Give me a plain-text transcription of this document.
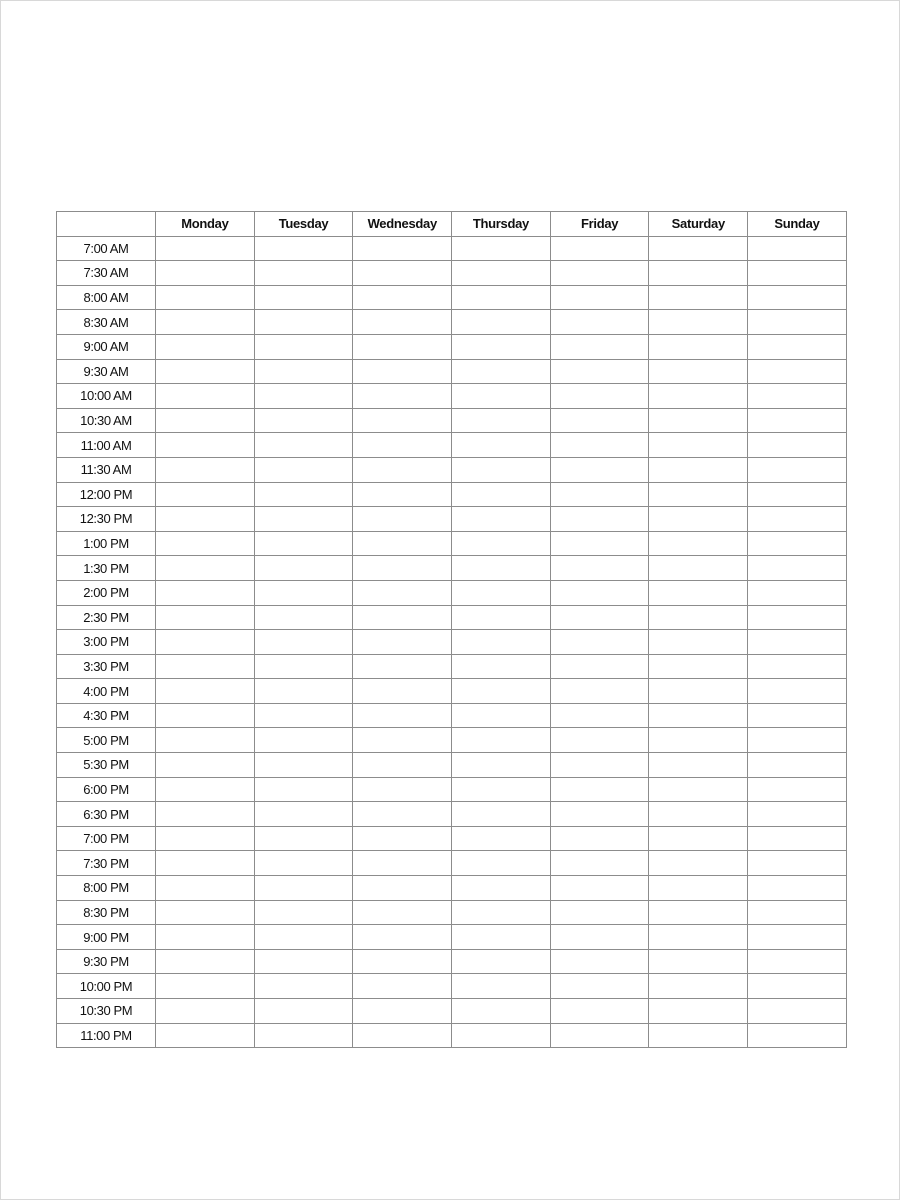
	Monday	Tuesday	Wednesday	Thursday	Friday	Saturday	Sunday
7:00 AM							
7:30 AM							
8:00 AM							
8:30 AM							
9:00 AM							
9:30 AM							
10:00 AM							
10:30 AM							
11:00 AM							
11:30 AM							
12:00 PM							
12:30 PM							
1:00 PM							
1:30 PM							
2:00 PM							
2:30 PM							
3:00 PM							
3:30 PM							
4:00 PM							
4:30 PM							
5:00 PM							
5:30 PM							
6:00 PM							
6:30 PM							
7:00 PM							
7:30 PM							
8:00 PM							
8:30 PM							
9:00 PM							
9:30 PM							
10:00 PM							
10:30 PM							
11:00 PM							
